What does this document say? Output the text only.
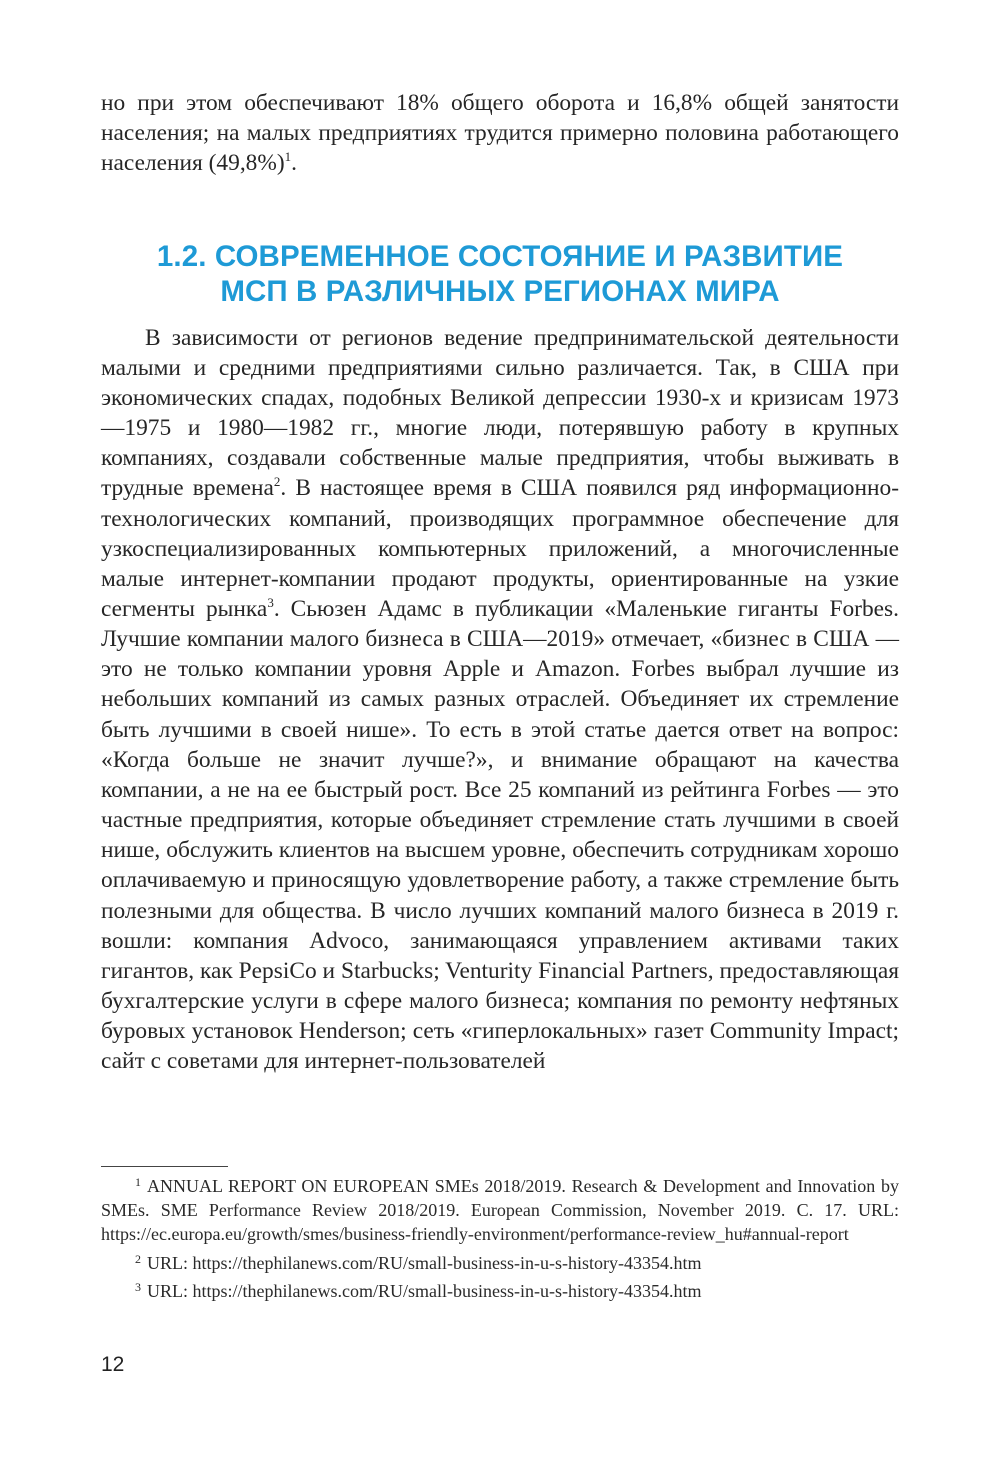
но при этом обеспечивают 18% общего оборота и 16,8% общей занятости населения; на малых предприятиях трудится примерно половина работающего населения (49,8%)$^1$.

1.2. СОВРЕМЕННОЕ СОСТОЯНИЕ И РАЗВИТИЕ
МСП В РАЗЛИЧНЫХ РЕГИОНАХ МИРА

В зависимости от регионов ведение предпринимательской деятельности малыми и средними предприятиями сильно различается. Так, в США при экономических спадах, подобных Великой депрессии 1930-х и кризисам 1973—1975 и 1980—1982 гг., многие люди, потерявшую работу в крупных компаниях, создавали собственные малые предприятия, чтобы выживать в трудные времена$^2$. В настоящее время в США появился ряд информационно-технологических компаний, производящих программное обеспечение для узкоспециализированных компьютерных приложений, а многочисленные малые интернет-компании продают продукты, ориентированные на узкие сегменты рынка$^3$. Сьюзен Адамс в публикации «Маленькие гиганты Forbes. Лучшие компании малого бизнеса в США—2019» отмечает, «бизнес в США — это не только компании уровня Apple и Amazon. Forbes выбрал лучшие из небольших компаний из самых разных отраслей. Объединяет их стремление быть лучшими в своей нише». То есть в этой статье дается ответ на вопрос: «Когда больше не значит лучше?», и внимание обращают на качества компании, а не на ее быстрый рост. Все 25 компаний из рейтинга Forbes — это частные предприятия, которые объединяет стремление стать лучшими в своей нише, обслужить клиентов на высшем уровне, обеспечить сотрудникам хорошо оплачиваемую и приносящую удовлетворение работу, а также стремление быть полезными для общества. В число лучших компаний малого бизнеса в 2019 г. вошли: компания Advoco, занимающаяся управлением активами таких гигантов, как PepsiCo и Starbucks; Venturity Financial Partners, предоставляющая бухгалтерские услуги в сфере малого бизнеса; компания по ремонту нефтяных буровых установок Henderson; сеть «гиперлокальных» газет Community Impact; сайт с советами для интернет-пользователей

$^1$ ANNUAL REPORT ON EUROPEAN SMEs 2018/2019. Research & Development and Innovation by SMEs. SME Performance Review 2018/2019. European Commission, November 2019. C. 17. URL: https://ec.europa.eu/growth/smes/business-friendly-environment/performance-review_hu#annual-report

$^2$ URL: https://thephilanews.com/RU/small-business-in-u-s-history-43354.htm

$^3$ URL: https://thephilanews.com/RU/small-business-in-u-s-history-43354.htm

12
